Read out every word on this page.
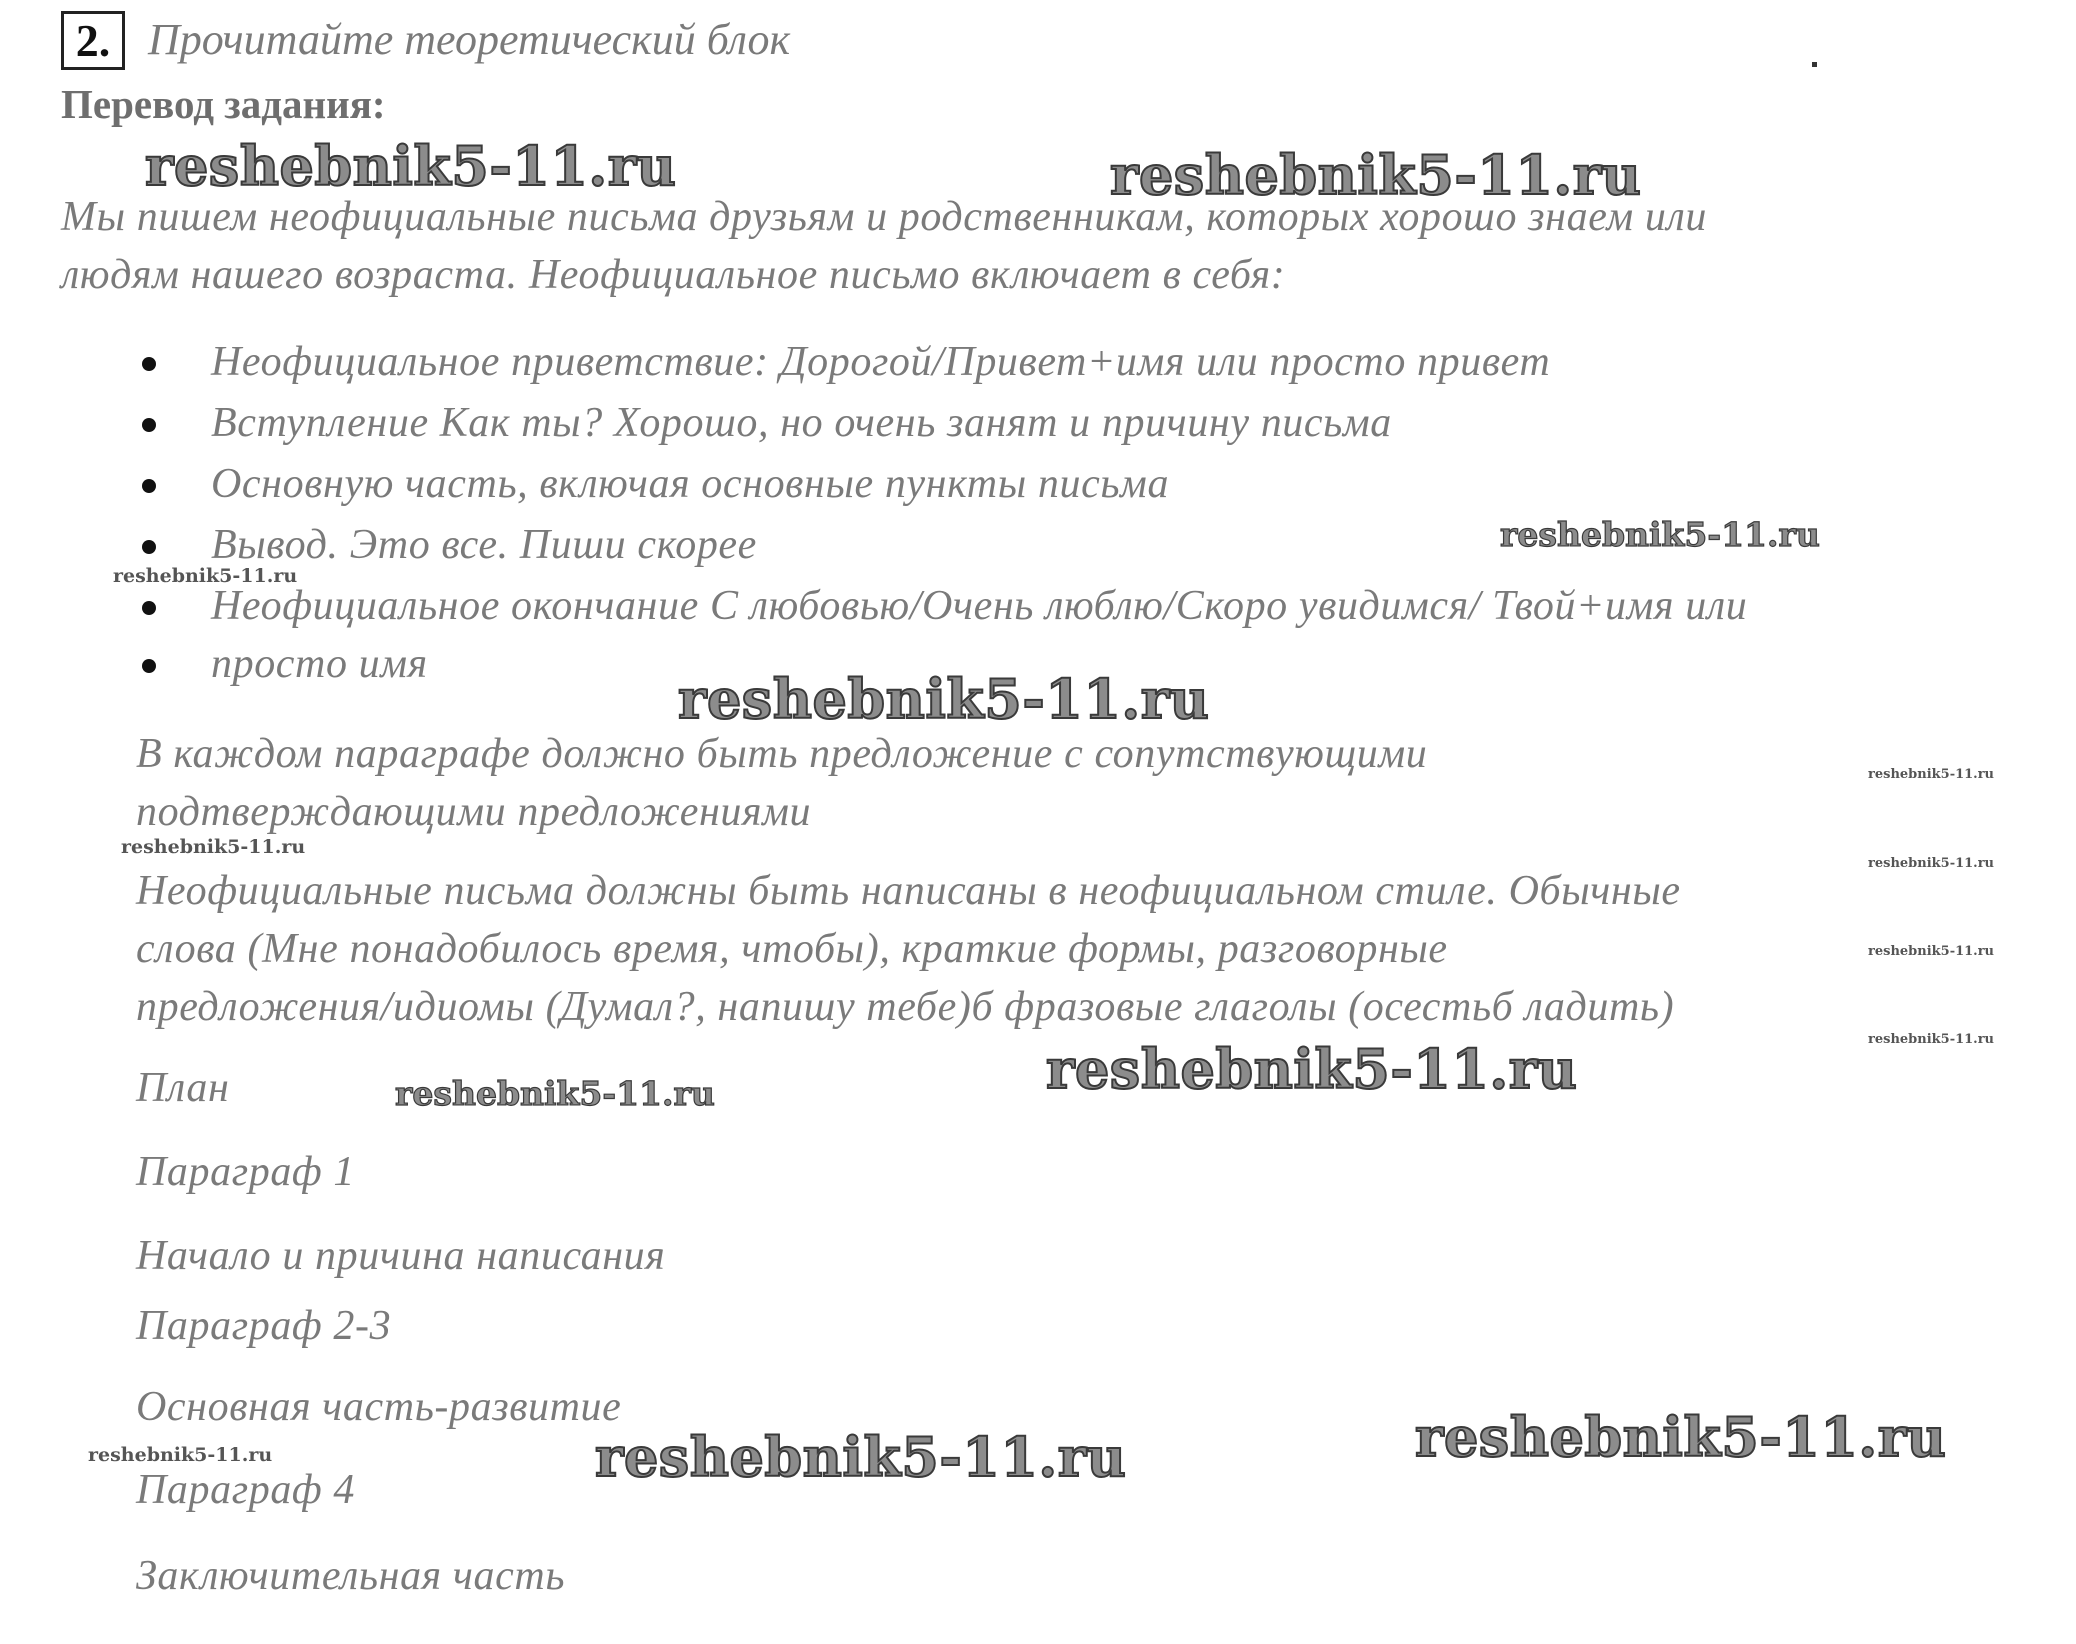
2. Прочитайте теоретический блок
Перевод задания:
Мы пишем неофициальные письма друзьям и родственникам, которых хорошо знаем или
людям нашего возраста. Неофициальное письмо включает в себя:
Неофициальное приветствие: Дорогой/Привет+имя или просто привет
Вступление Как ты? Хорошо, но очень занят и причину письма
Основную часть, включая основные пункты письма
Вывод. Это все. Пиши скорее
Неофициальное окончание С любовью/Очень люблю/Скоро увидимся/ Твой+имя или
просто имя
В каждом параграфе должно быть предложение с сопутствующими
подтверждающими предложениями
Неофициальные письма должны быть написаны в неофициальном стиле. Обычные
слова (Мне понадобилось время, чтобы), краткие формы, разговорные
предложения/идиомы (Думал?, напишу тебе)б фразовые глаголы (осестьб ладить)
План
Параграф 1
Начало и причина написания
Параграф 2-3
Основная часть-развитие
Параграф 4
Заключительная часть
reshebnik5-11.ru	reshebnik5-11.ru
reshebnik5-11.ru
reshebnik5-11.ru
reshebnik5-11.ru
reshebnik5-11.ru
reshebnik5-11.ru
reshebnik5-11.ru
reshebnik5-11.ru
reshebnik5-11.ru
reshebnik5-11.ru
reshebnik5-11.ru
reshebnik5-11.ru
reshebnik5-11.ru
reshebnik5-11.ru
